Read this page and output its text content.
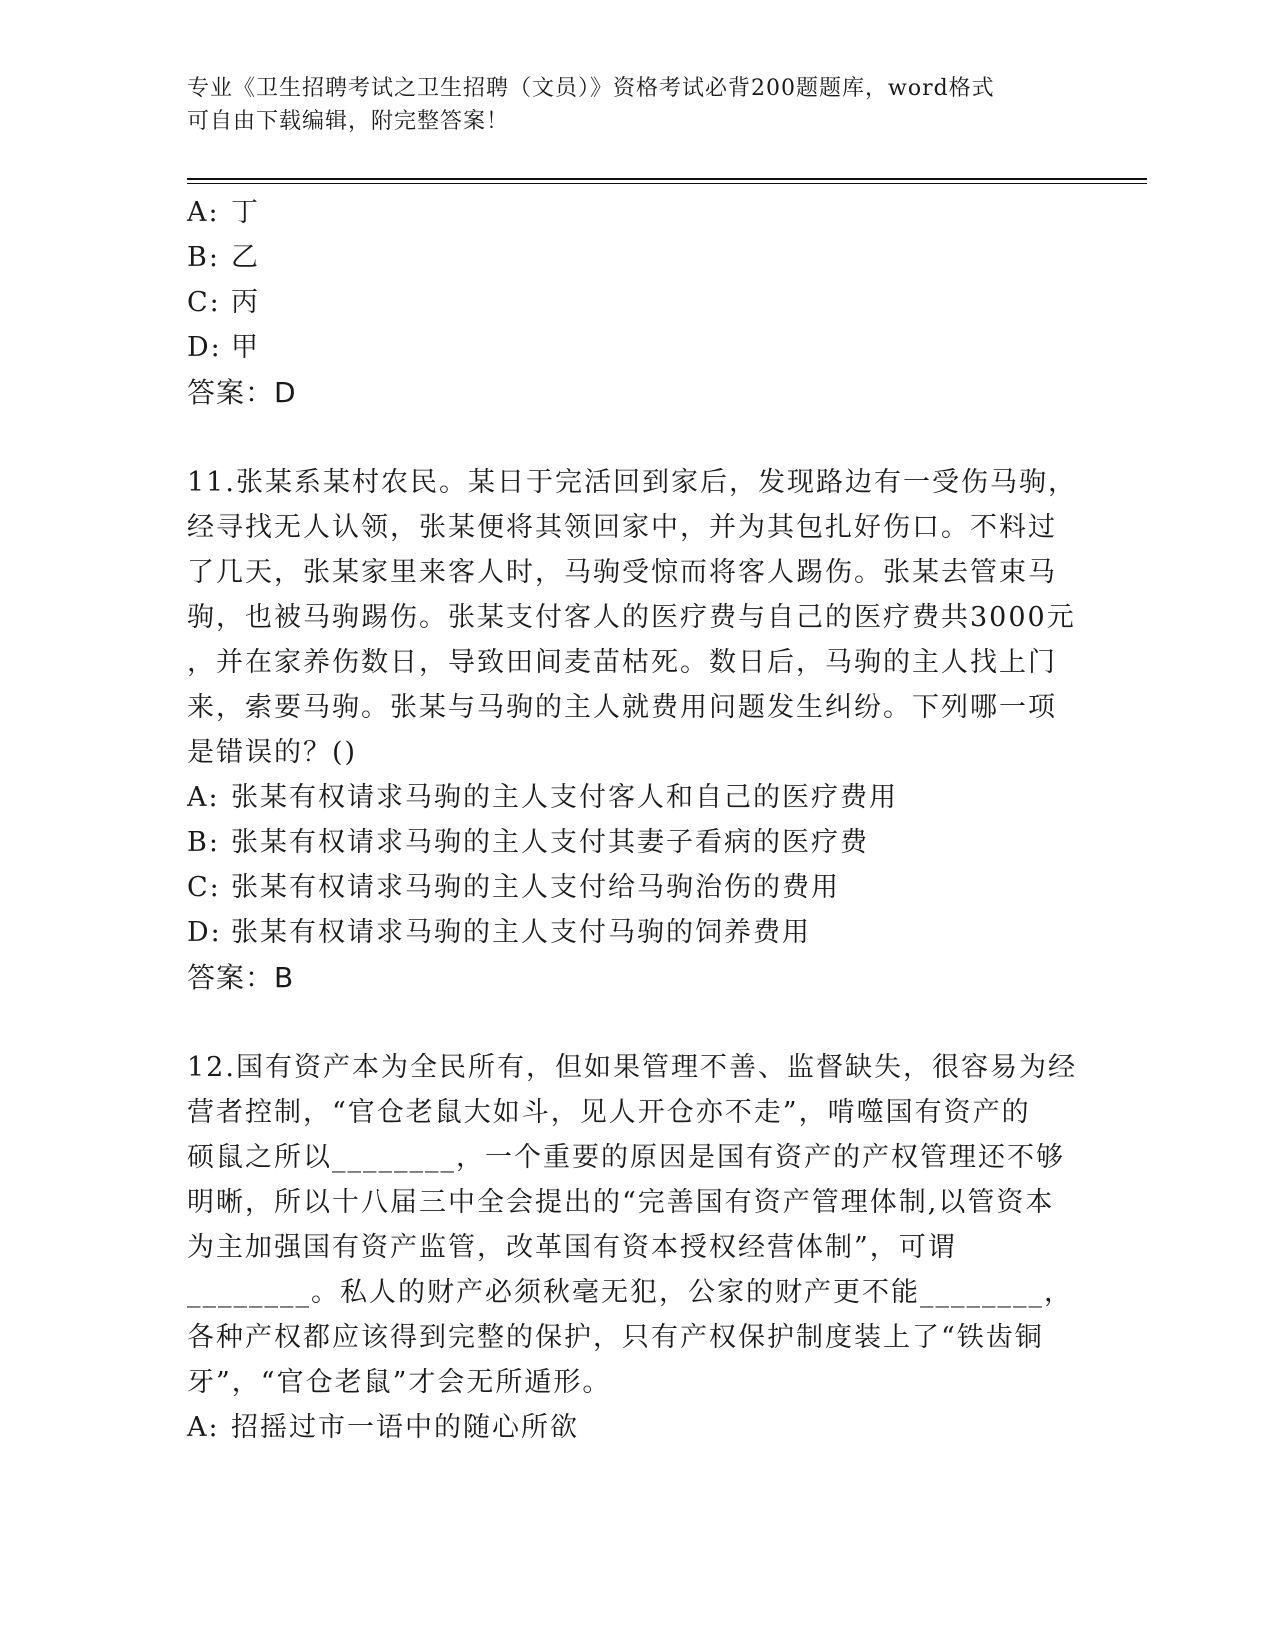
专业《卫生招聘考试之卫生招聘（文员）》资格考试必背200题题库，word格式
可自由下载编辑，附完整答案！
A: 丁
B: 乙
C: 丙
D: 甲
答案：D
11.张某系某村农民。某日于完活回到家后，发现路边有一受伤马驹，
经寻找无人认领，张某便将其领回家中，并为其包扎好伤口。不料过
了几天，张某家里来客人时，马驹受惊而将客人踢伤。张某去管束马
驹，也被马驹踢伤。张某支付客人的医疗费与自己的医疗费共3000元
，并在家养伤数日，导致田间麦苗枯死。数日后，马驹的主人找上门
来，索要马驹。张某与马驹的主人就费用问题发生纠纷。下列哪一项
是错误的？()
A: 张某有权请求马驹的主人支付客人和自己的医疗费用
B: 张某有权请求马驹的主人支付其妻子看病的医疗费
C: 张某有权请求马驹的主人支付给马驹治伤的费用
D: 张某有权请求马驹的主人支付马驹的饲养费用
答案：B
12.国有资产本为全民所有，但如果管理不善、监督缺失，很容易为经
营者控制，“官仓老鼠大如斗，见人开仓亦不走”，啃噬国有资产的
硕鼠之所以________，一个重要的原因是国有资产的产权管理还不够
明晰，所以十八届三中全会提出的“完善国有资产管理体制,以管资本
为主加强国有资产监管，改革国有资本授权经营体制”，可谓
________。私人的财产必须秋毫无犯，公家的财产更不能________，
各种产权都应该得到完整的保护，只有产权保护制度装上了“铁齿铜
牙”，“官仓老鼠”才会无所遁形。
A: 招摇过市一语中的随心所欲
